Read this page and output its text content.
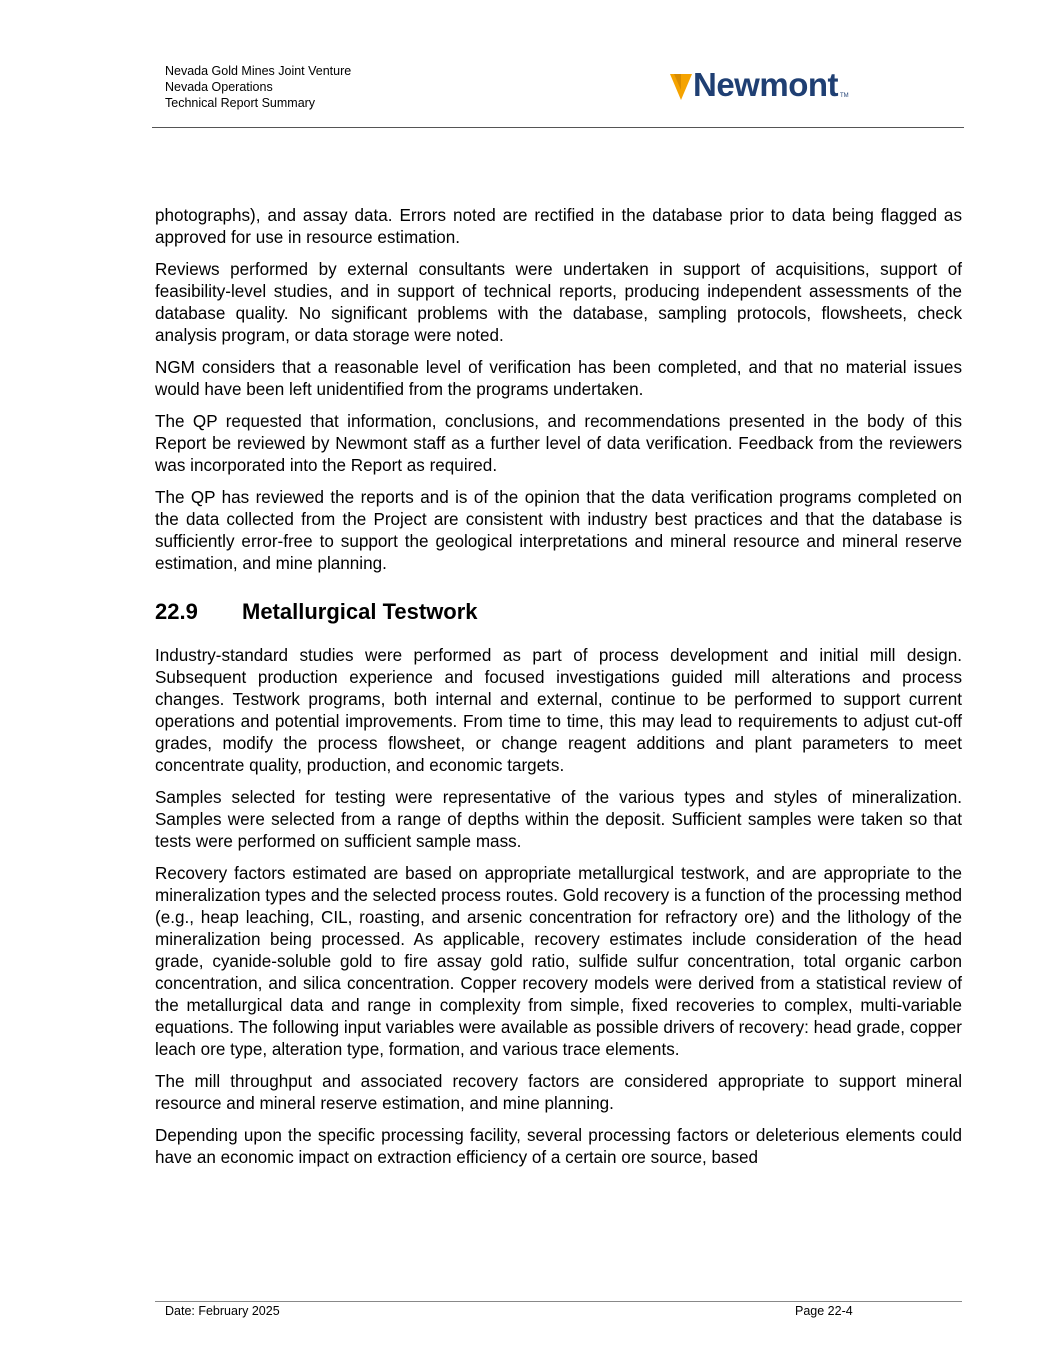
Nevada Gold Mines Joint Venture
Nevada Operations
Technical Report Summary	Newmont TM

photographs), and assay data. Errors noted are rectified in the database prior to data being flagged as approved for use in resource estimation.

Reviews performed by external consultants were undertaken in support of acquisitions, support of feasibility-level studies, and in support of technical reports, producing independent assessments of the database quality. No significant problems with the database, sampling protocols, flowsheets, check analysis program, or data storage were noted.

NGM considers that a reasonable level of verification has been completed, and that no material issues would have been left unidentified from the programs undertaken.

The QP requested that information, conclusions, and recommendations presented in the body of this Report be reviewed by Newmont staff as a further level of data verification. Feedback from the reviewers was incorporated into the Report as required.

The QP has reviewed the reports and is of the opinion that the data verification programs completed on the data collected from the Project are consistent with industry best practices and that the database is sufficiently error-free to support the geological interpretations and mineral resource and mineral reserve estimation, and mine planning.

22.9	Metallurgical Testwork

Industry-standard studies were performed as part of process development and initial mill design. Subsequent production experience and focused investigations guided mill alterations and process changes. Testwork programs, both internal and external, continue to be performed to support current operations and potential improvements. From time to time, this may lead to requirements to adjust cut-off grades, modify the process flowsheet, or change reagent additions and plant parameters to meet concentrate quality, production, and economic targets.

Samples selected for testing were representative of the various types and styles of mineralization. Samples were selected from a range of depths within the deposit. Sufficient samples were taken so that tests were performed on sufficient sample mass.

Recovery factors estimated are based on appropriate metallurgical testwork, and are appropriate to the mineralization types and the selected process routes. Gold recovery is a function of the processing method (e.g., heap leaching, CIL, roasting, and arsenic concentration for refractory ore) and the lithology of the mineralization being processed. As applicable, recovery estimates include consideration of the head grade, cyanide-soluble gold to fire assay gold ratio, sulfide sulfur concentration, total organic carbon concentration, and silica concentration. Copper recovery models were derived from a statistical review of the metallurgical data and range in complexity from simple, fixed recoveries to complex, multi-variable equations. The following input variables were available as possible drivers of recovery: head grade, copper leach ore type, alteration type, formation, and various trace elements.

The mill throughput and associated recovery factors are considered appropriate to support mineral resource and mineral reserve estimation, and mine planning.

Depending upon the specific processing facility, several processing factors or deleterious elements could have an economic impact on extraction efficiency of a certain ore source, based

Date: February 2025	Page 22-4
